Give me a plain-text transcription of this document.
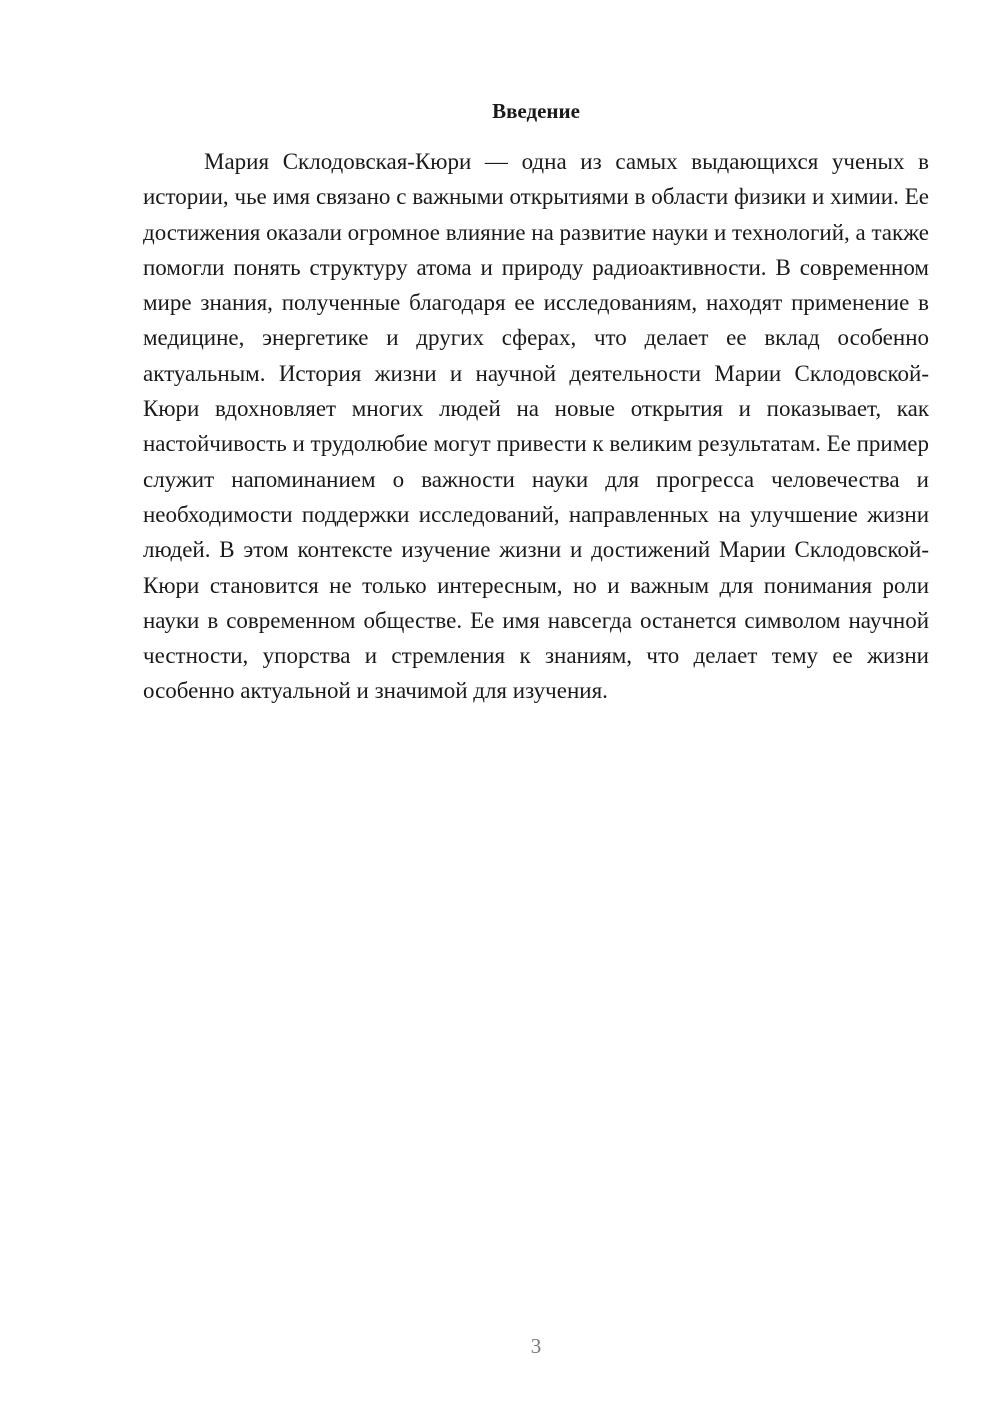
Введение

Мария Склодовская-Кюри — одна из самых выдающихся ученых в истории, чье имя связано с важными открытиями в области физики и химии. Ее достижения оказали огромное влияние на развитие науки и технологий, а также помогли понять структуру атома и природу радиоактивности. В современном мире знания, полученные благодаря ее исследованиям, находят применение в медицине, энергетике и других сферах, что делает ее вклад особенно актуальным. История жизни и научной деятельности Марии Склодовской-Кюри вдохновляет многих людей на новые открытия и показывает, как настойчивость и трудолюбие могут привести к великим результатам. Ее пример служит напоминанием о важности науки для прогресса человечества и необходимости поддержки исследований, направленных на улучшение жизни людей. В этом контексте изучение жизни и достижений Марии Склодовской-Кюри становится не только интересным, но и важным для понимания роли науки в современном обществе. Ее имя навсегда останется символом научной честности, упорства и стремления к знаниям, что делает тему ее жизни особенно актуальной и значимой для изучения.

3
